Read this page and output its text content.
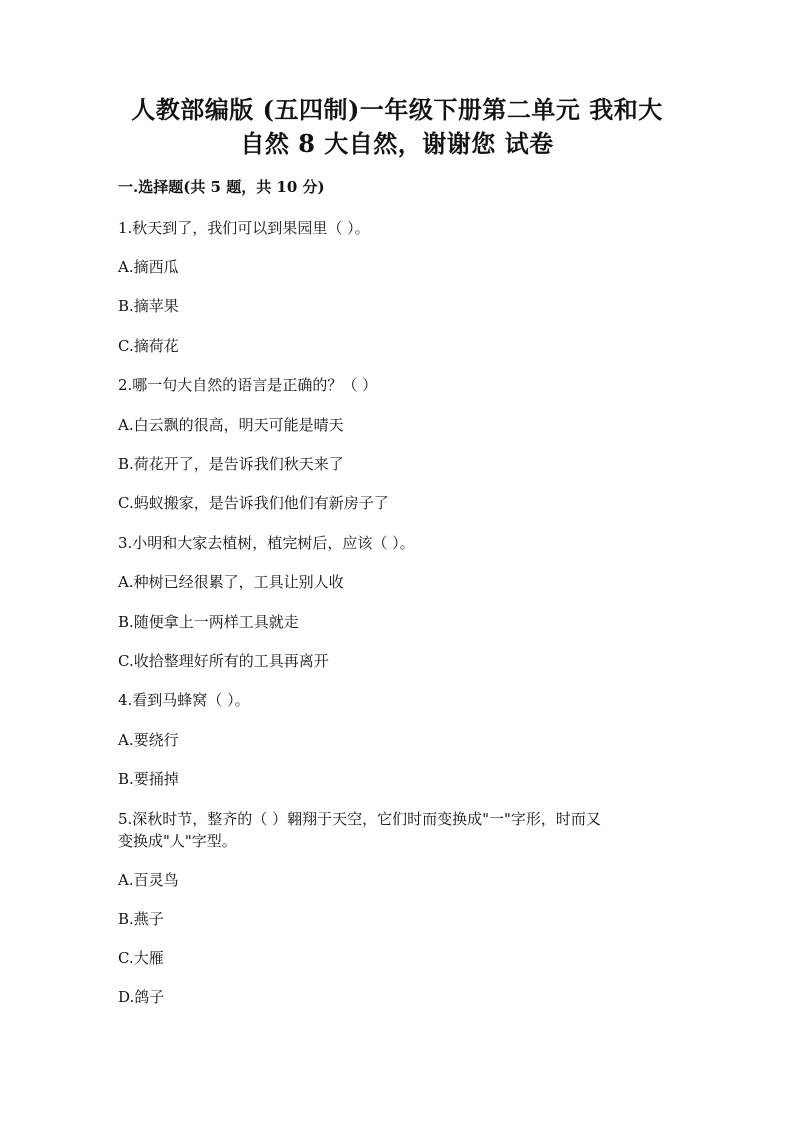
人教部编版 (五四制)一年级下册第二单元 我和大
自然 8 大自然，谢谢您 试卷
一.选择题(共 5 题，共 10 分)
1.秋天到了，我们可以到果园里（ ）。
A.摘西瓜
B.摘苹果
C.摘荷花
2.哪一句大自然的语言是正确的？（ ）
A.白云飘的很高，明天可能是晴天
B.荷花开了，是告诉我们秋天来了
C.蚂蚁搬家，是告诉我们他们有新房子了
3.小明和大家去植树，植完树后，应该（ ）。
A.种树已经很累了，工具让别人收
B.随便拿上一两样工具就走
C.收拾整理好所有的工具再离开
4.看到马蜂窝（ ）。
A.要绕行
B.要捅掉
5.深秋时节，整齐的（ ）翱翔于天空，它们时而变换成"一"字形，时而又
变换成"人"字型。
A.百灵鸟
B.燕子
C.大雁
D.鸽子
